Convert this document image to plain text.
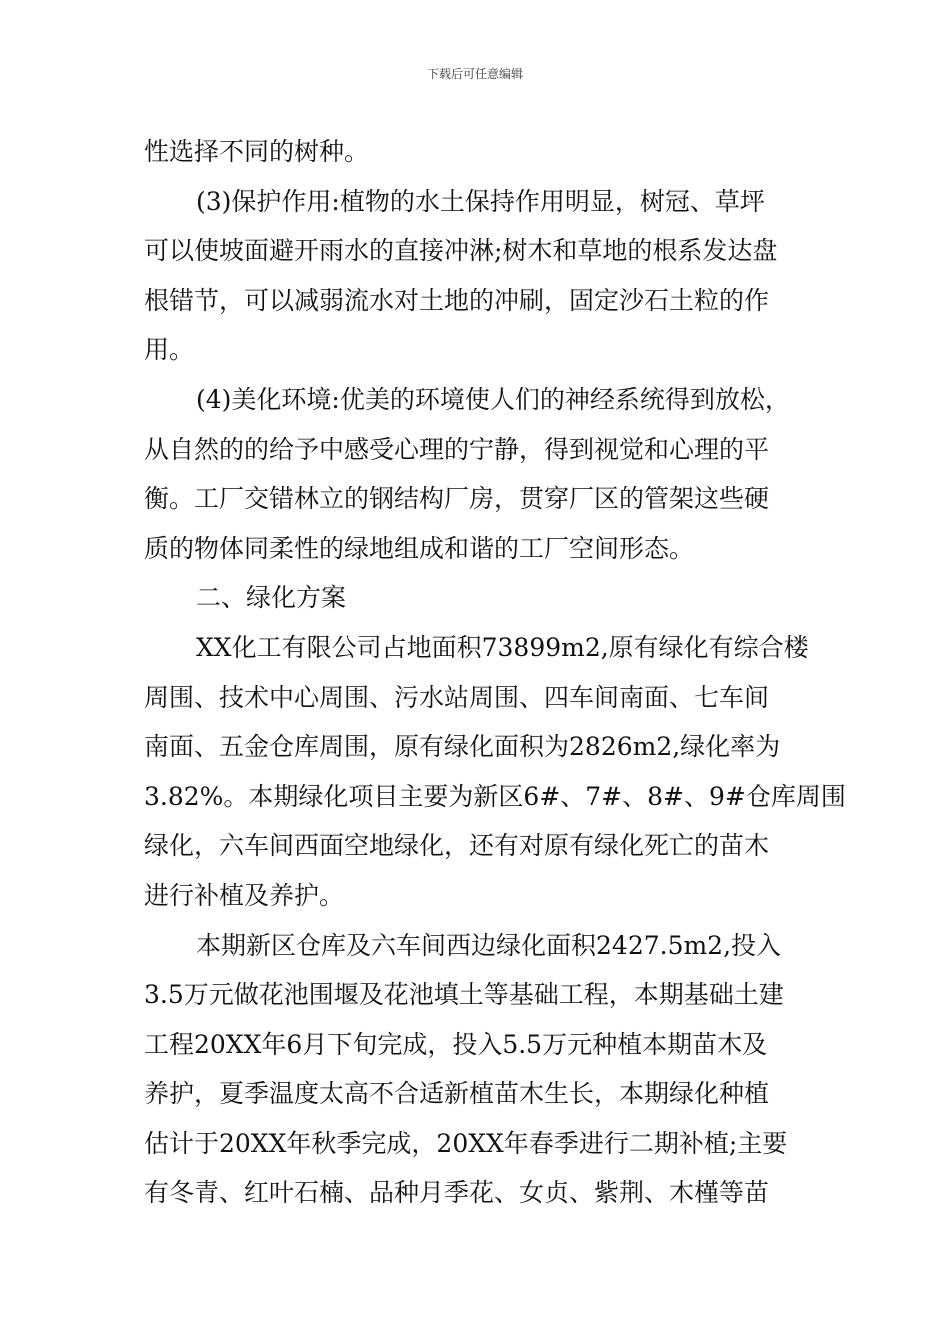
下载后可任意编辑
性选择不同的树种。
(3)保护作用:植物的水土保持作用明显，树冠、草坪
可以使坡面避开雨水的直接冲淋;树木和草地的根系发达盘
根错节，可以减弱流水对土地的冲刷，固定沙石土粒的作
用。
(4)美化环境:优美的环境使人们的神经系统得到放松，
从自然的的给予中感受心理的宁静，得到视觉和心理的平
衡。工厂交错林立的钢结构厂房，贯穿厂区的管架这些硬
质的物体同柔性的绿地组成和谐的工厂空间形态。
二、绿化方案
XX化工有限公司占地面积73899m2,原有绿化有综合楼
周围、技术中心周围、污水站周围、四车间南面、七车间
南面、五金仓库周围，原有绿化面积为2826m2,绿化率为
3.82%。本期绿化项目主要为新区6#、7#、8#、9#仓库周围
绿化，六车间西面空地绿化，还有对原有绿化死亡的苗木
进行补植及养护。
本期新区仓库及六车间西边绿化面积2427.5m2,投入
3.5万元做花池围堰及花池填土等基础工程，本期基础土建
工程20XX年6月下旬完成，投入5.5万元种植本期苗木及
养护，夏季温度太高不合适新植苗木生长，本期绿化种植
估计于20XX年秋季完成，20XX年春季进行二期补植;主要
有冬青、红叶石楠、品种月季花、女贞、紫荆、木槿等苗
